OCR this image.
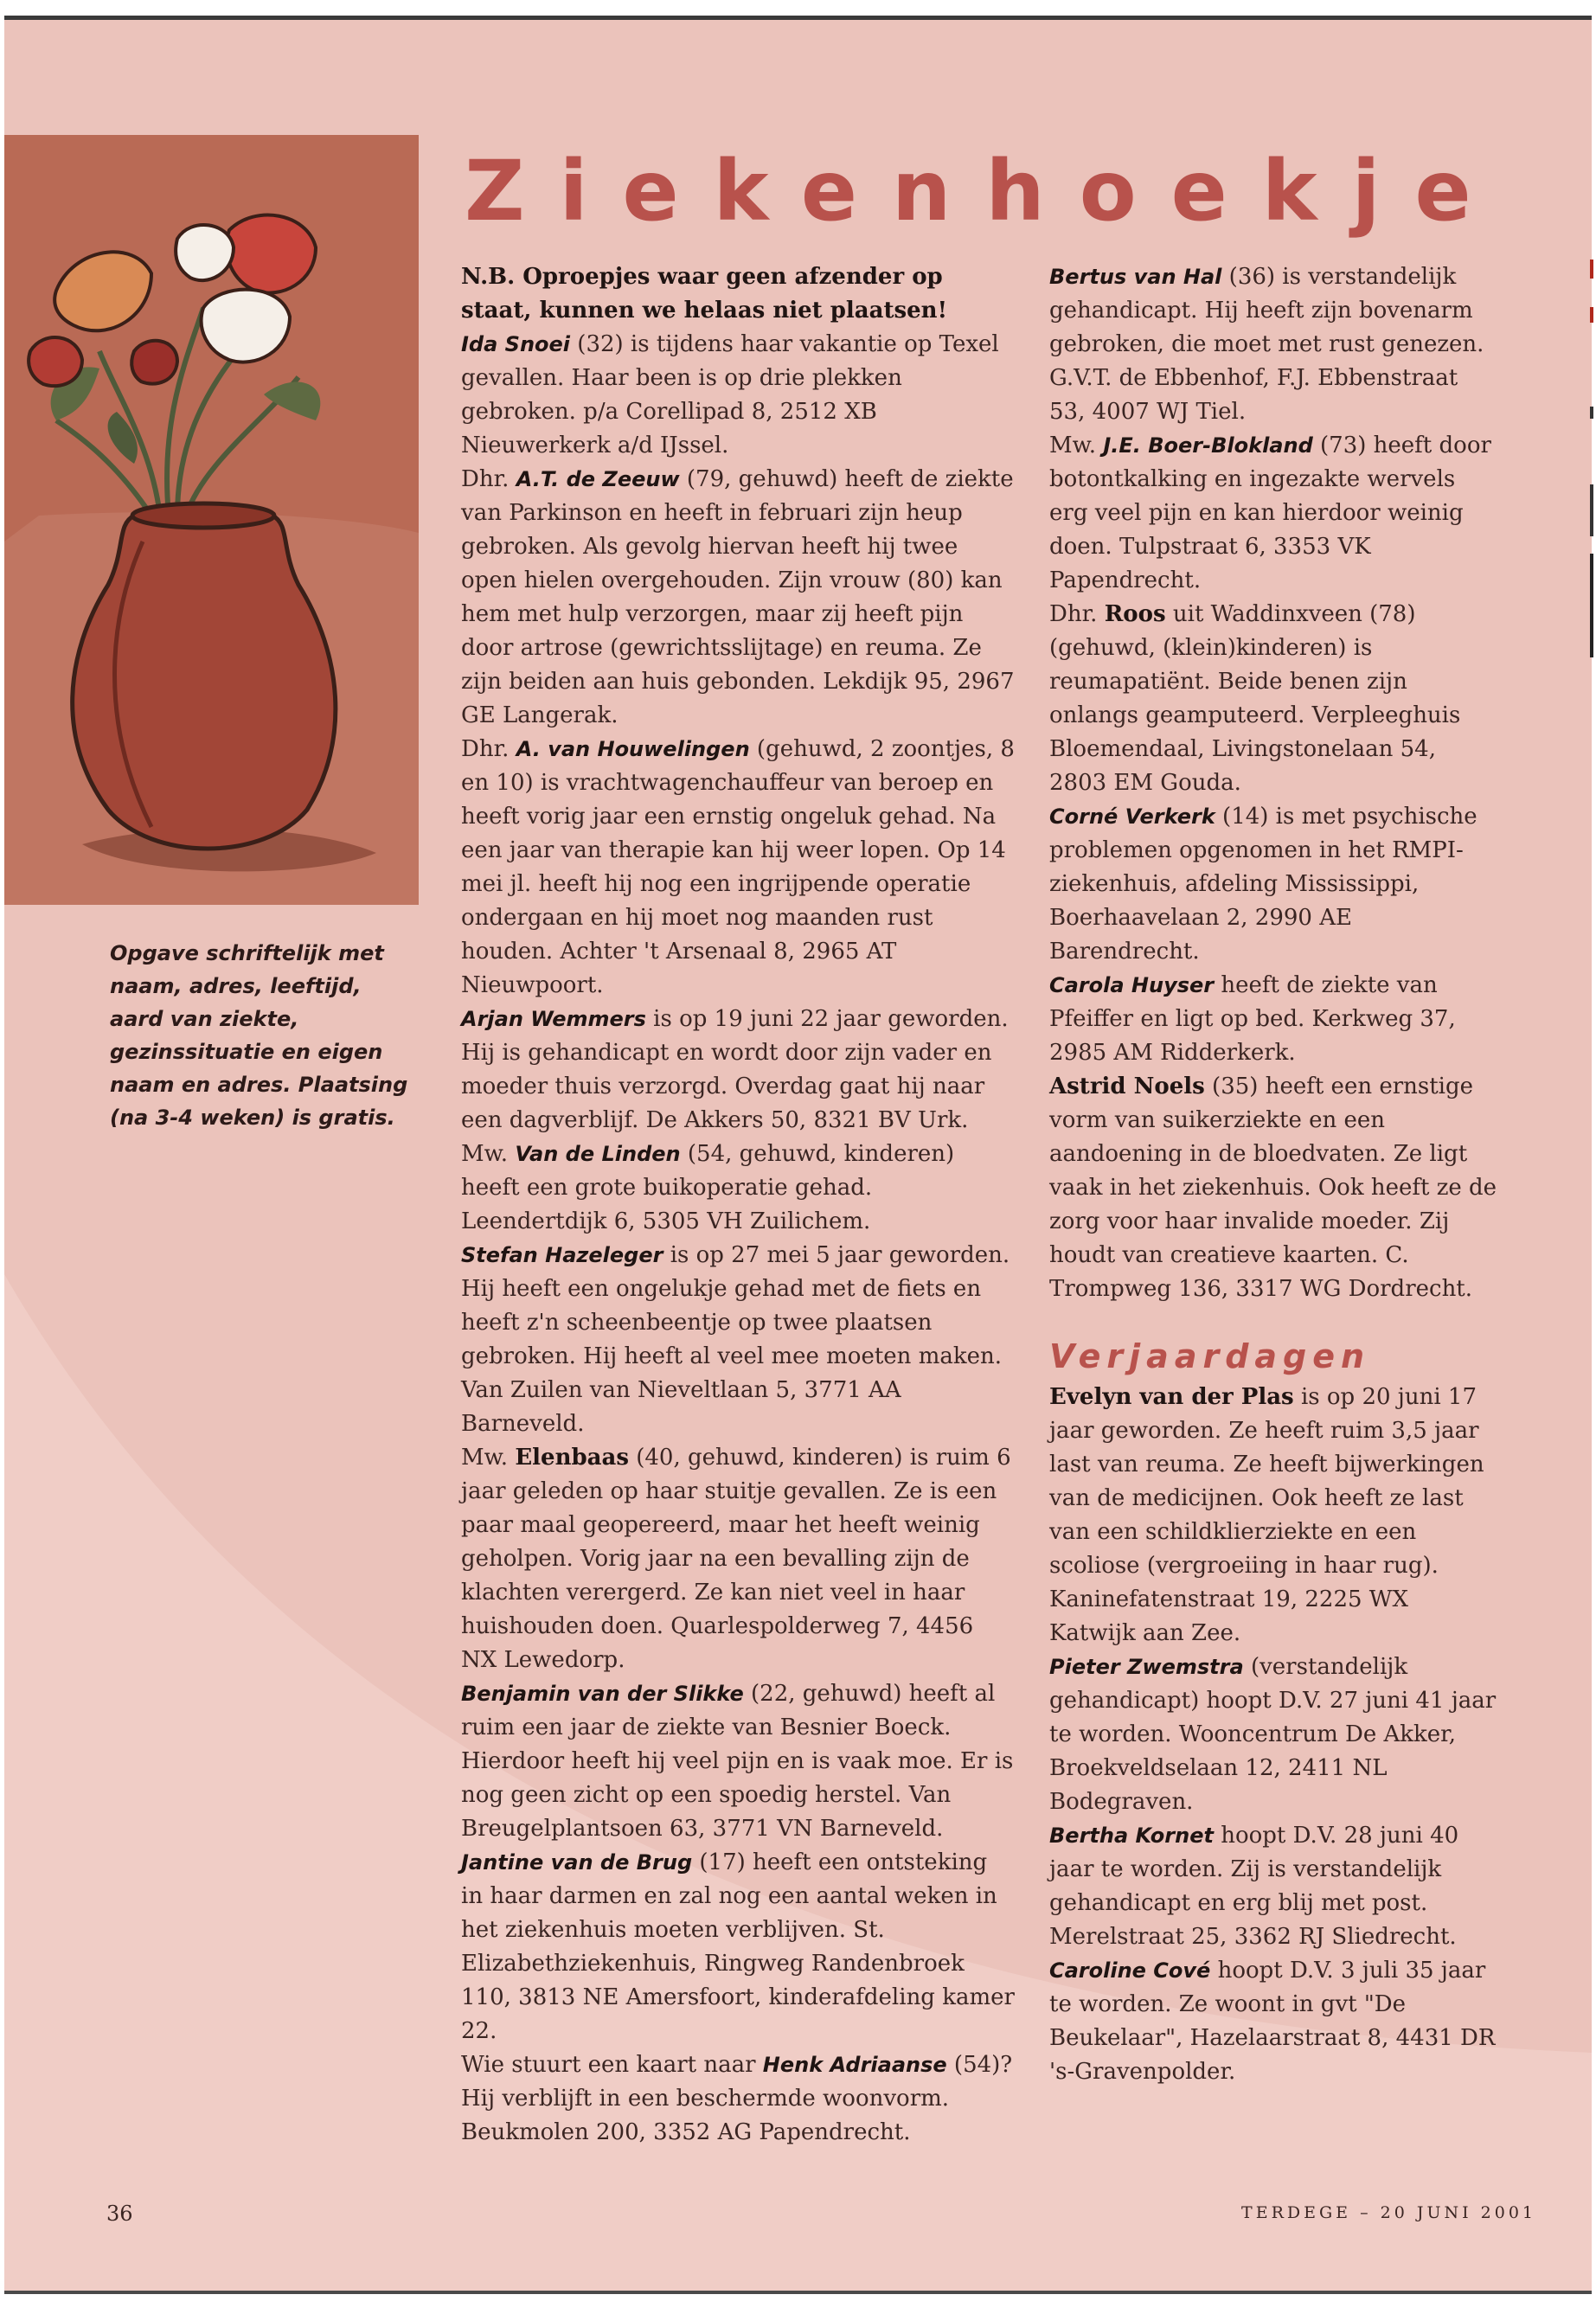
Ziekenhoekje
Opgave schriftelijk met naam, adres, leeftijd, aard van ziekte, gezinssituatie en eigen naam en adres. Plaatsing (na 3-4 weken) is gratis.

N.B. Oproepjes waar geen afzender op staat, kunnen we helaas niet plaatsen!

Ida Snoei (32) is tijdens haar vakantie op Texel gevallen. Haar been is op drie plekken gebroken. p/a Corellipad 8, 2512 XB Nieuwerkerk a/d IJssel.

Dhr. A.T. de Zeeuw (79, gehuwd) heeft de ziekte van Parkinson en heeft in februari zijn heup gebroken. Als gevolg hiervan heeft hij twee open hielen overgehouden. Zijn vrouw (80) kan hem met hulp verzorgen, maar zij heeft pijn door artrose (gewrichtsslijtage) en reuma. Ze zijn beiden aan huis gebonden. Lekdijk 95, 2967 GE Langerak.

Dhr. A. van Houwelingen (gehuwd, 2 zoontjes, 8 en 10) is vrachtwagenchauffeur van beroep en heeft vorig jaar een ernstig ongeluk gehad. Na een jaar van therapie kan hij weer lopen. Op 14 mei jl. heeft hij nog een ingrijpende operatie ondergaan en hij moet nog maanden rust houden. Achter 't Arsenaal 8, 2965 AT Nieuwpoort.

Arjan Wemmers is op 19 juni 22 jaar geworden. Hij is gehandicapt en wordt door zijn vader en moeder thuis verzorgd. Overdag gaat hij naar een dagverblijf. De Akkers 50, 8321 BV Urk.

Mw. Van de Linden (54, gehuwd, kinderen) heeft een grote buikoperatie gehad. Leendertdijk 6, 5305 VH Zuilichem.

Stefan Hazeleger is op 27 mei 5 jaar geworden. Hij heeft een ongelukje gehad met de fiets en heeft z'n scheenbeentje op twee plaatsen gebroken. Hij heeft al veel mee moeten maken. Van Zuilen van Nieveltlaan 5, 3771 AA Barneveld.

Mw. Elenbaas (40, gehuwd, kinderen) is ruim 6 jaar geleden op haar stuitje gevallen. Ze is een paar maal geopereerd, maar het heeft weinig geholpen. Vorig jaar na een bevalling zijn de klachten verergerd. Ze kan niet veel in haar huishouden doen. Quarlespolderweg 7, 4456 NX Lewedorp.

Benjamin van der Slikke (22, gehuwd) heeft al ruim een jaar de ziekte van Besnier Boeck. Hierdoor heeft hij veel pijn en is vaak moe. Er is nog geen zicht op een spoedig herstel. Van Breugelplantsoen 63, 3771 VN Barneveld.

Jantine van de Brug (17) heeft een ontsteking in haar darmen en zal nog een aantal weken in het ziekenhuis moeten verblijven. St. Elizabethziekenhuis, Ringweg Randenbroek 110, 3813 NE Amersfoort, kinderafdeling kamer 22.

Wie stuurt een kaart naar Henk Adriaanse (54)? Hij verblijft in een beschermde woonvorm. Beukmolen 200, 3352 AG Papendrecht.

Bertus van Hal (36) is verstandelijk gehandicapt. Hij heeft zijn bovenarm gebroken, die moet met rust genezen. G.V.T. de Ebbenhof, F.J. Ebbenstraat 53, 4007 WJ Tiel.

Mw. J.E. Boer-Blokland (73) heeft door botontkalking en ingezakte wervels erg veel pijn en kan hierdoor weinig doen. Tulpstraat 6, 3353 VK Papendrecht.

Dhr. Roos uit Waddinxveen (78) (gehuwd, (klein)kinderen) is reumapatiënt. Beide benen zijn onlangs geamputeerd. Verpleeghuis Bloemendaal, Livingstonelaan 54, 2803 EM Gouda.

Corné Verkerk (14) is met psychische problemen opgenomen in het RMPI-ziekenhuis, afdeling Mississippi, Boerhaavelaan 2, 2990 AE Barendrecht.

Carola Huyser heeft de ziekte van Pfeiffer en ligt op bed. Kerkweg 37, 2985 AM Ridderkerk.

Astrid Noels (35) heeft een ernstige vorm van suikerziekte en een aandoening in de bloedvaten. Ze ligt vaak in het ziekenhuis. Ook heeft ze de zorg voor haar invalide moeder. Zij houdt van creatieve kaarten. C. Trompweg 136, 3317 WG Dordrecht.

Verjaardagen

Evelyn van der Plas is op 20 juni 17 jaar geworden. Ze heeft ruim 3,5 jaar last van reuma. Ze heeft bijwerkingen van de medicijnen. Ook heeft ze last van een schildklierziekte en een scoliose (vergroeiing in haar rug). Kaninefatenstraat 19, 2225 WX Katwijk aan Zee.

Pieter Zwemstra (verstandelijk gehandicapt) hoopt D.V. 27 juni 41 jaar te worden. Wooncentrum De Akker, Broekveldselaan 12, 2411 NL Bodegraven.

Bertha Kornet hoopt D.V. 28 juni 40 jaar te worden. Zij is verstandelijk gehandicapt en erg blij met post. Merelstraat 25, 3362 RJ Sliedrecht.

Caroline Cové hoopt D.V. 3 juli 35 jaar te worden. Ze woont in gvt "De Beukelaar", Hazelaarstraat 8, 4431 DR 's-Gravenpolder.

36	TERDEGE – 20 JUNI 2001
